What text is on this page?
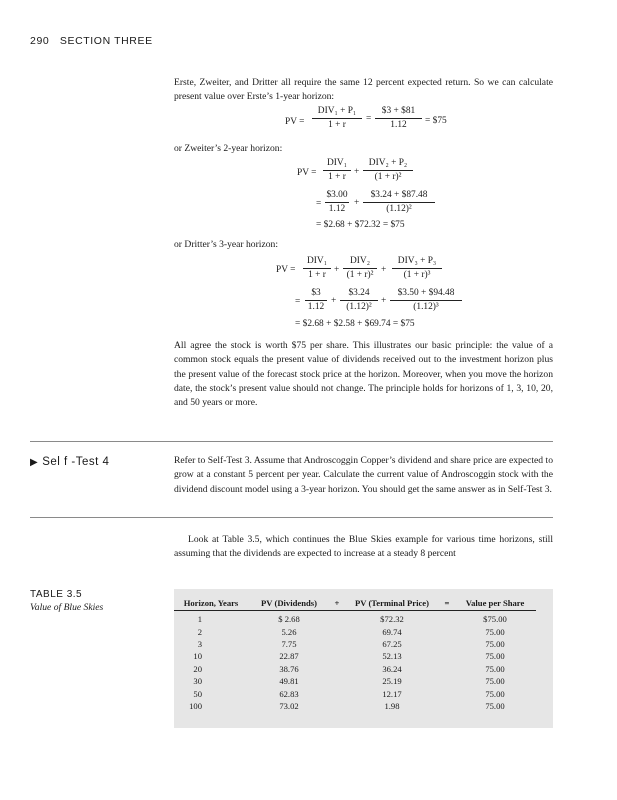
290 SECTION THREE
Erste, Zweiter, and Dritter all require the same 12 percent expected return. So we can calculate present value over Erste’s 1-year horizon:
PV =
DIV₁ + P₁
1 + r
= $\frac{\$3 + \$81}{1.12}$ = $75
or Zweiter’s 2-year horizon:
PV =
DIV₁
1 + r +
DIV₂ + P₂
(1 + r)²
= $\frac{\$3.00}{1.12} + \frac{\$3.24 + \$87.48}{\text{(1.12)²}}$
= $2.68 + $72.32 = $75
or Dritter’s 3-year horizon:
PV =
DIV₁
1 + r +
DIV₂
(1 + r)² +
DIV₃ + P₃
(1 + r)³
= $\frac{\$3}{1.12} + \frac{\$3.24}{\text{(1.12)²}} + \frac{\$3.50 + \$94.48}{\text{(1.12)³}}$
= $2.68 + $2.58 + $69.74 = $75
All agree the stock is worth $75 per share. This illustrates our basic principle: the value of a common stock equals the present value of dividends received out to the investment horizon plus the present value of the forecast stock price at the horizon. Moreover, when you move the horizon date, the stock’s present value should not change. The principle holds for horizons of 1, 3, 10, 20, and 50 years or more.
▶ Sel f -Test 4	Refer to Self-Test 3. Assume that Androscoggin Copper’s dividend and share price are expected to grow at a constant 5 percent per year. Calculate the current value of Androscoggin stock with the dividend discount model using a 3-year horizon. You should get the same answer as in Self-Test 3.
Look at Table 3.5, which continues the Blue Skies example for various time horizons, still assuming that the dividends are expected to increase at a steady 8 percent
TABLE 3.5
Value of Blue Skies	Horizon, Years	PV (Dividends)	+	PV (Terminal Price)	=	Value per Share
1	$ 2.68		$72.32		$75.00
2	5.26		69.74		75.00
3	7.75		67.25		75.00
10	22.87		52.13		75.00
20	38.76		36.24		75.00
30	49.81		25.19		75.00
50	62.83		12.17		75.00
100	73.02		1.98		75.00
